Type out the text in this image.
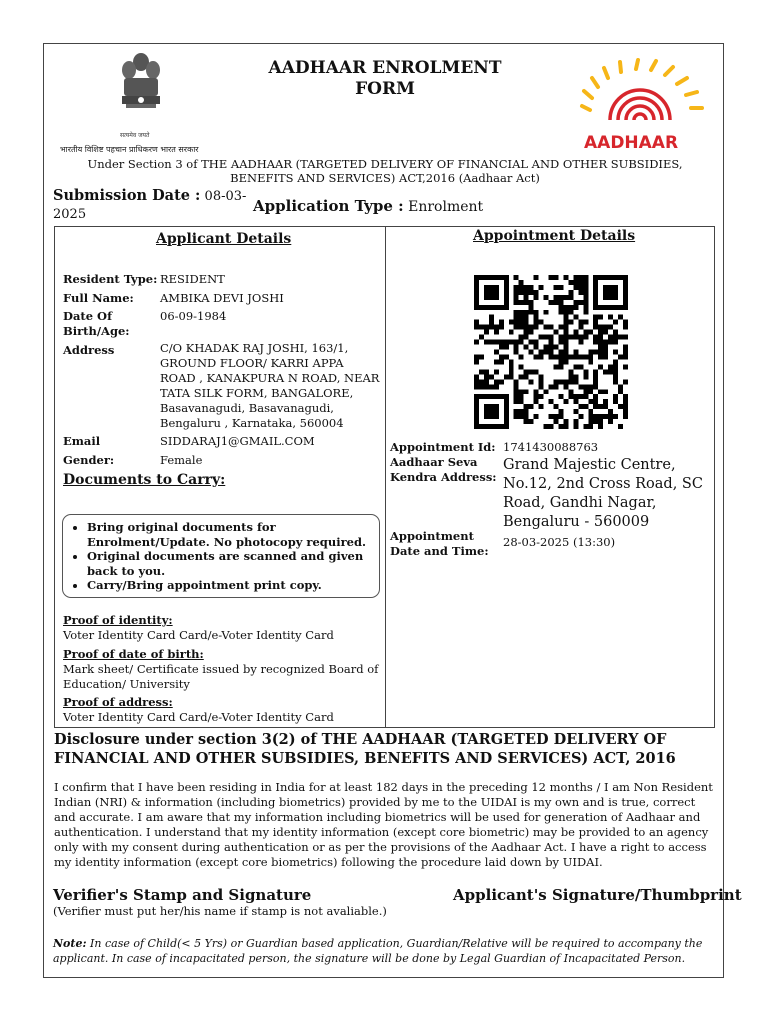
सत्यमेव जयते
भारतीय विशिष्ट पहचान प्राधिकरण भारत सरकार
AADHAAR ENROLMENT
FORM
AADHAAR
Under Section 3 of THE AADHAAR (TARGETED DELIVERY OF FINANCIAL AND OTHER SUBSIDIES, BENEFITS AND SERVICES) ACT,2016 (Aadhaar Act)
Submission Date : 08-03-2025	Application Type : Enrolment
Applicant Details
Resident Type: RESIDENT
Full Name: AMBIKA DEVI JOSHI
Date Of Birth/Age:
06-09-1984
Address	C/O KHADAK RAJ JOSHI, 163/1, GROUND FLOOR/ KARRI APPA ROAD , KANAKPURA N ROAD, NEAR TATA SILK FORM, BANGALORE, Basavanagudi, Basavanagudi, Bengaluru , Karnataka, 560004
Email	SIDDARAJ1@GMAIL.COM
Gender:	Female
Documents to Carry:
• Bring original documents for Enrolment/Update. No photocopy required.
• Original documents are scanned and given back to you.
• Carry/Bring appointment print copy.
Proof of identity:
Voter Identity Card Card/e-Voter Identity Card
Proof of date of birth:
Mark sheet/ Certificate issued by recognized Board of Education/ University
Proof of address:
Voter Identity Card Card/e-Voter Identity Card
Appointment Details
Appointment Id: 1741430088763
Aadhaar Seva Kendra Address:
Grand Majestic Centre, No.12, 2nd Cross Road, SC Road, Gandhi Nagar, Bengaluru - 560009
Appointment Date and Time:
28-03-2025 (13:30)
Disclosure under section 3(2) of THE AADHAAR (TARGETED DELIVERY OF FINANCIAL AND OTHER SUBSIDIES, BENEFITS AND SERVICES) ACT, 2016
I confirm that I have been residing in India for at least 182 days in the preceding 12 months / I am Non Resident Indian (NRI) & information (including biometrics) provided by me to the UIDAI is my own and is true, correct and accurate. I am aware that my information including biometrics will be used for generation of Aadhaar and authentication. I understand that my identity information (except core biometric) may be provided to an agency only with my consent during authentication or as per the provisions of the Aadhaar Act. I have a right to access my identity information (except core biometrics) following the procedure laid down by UIDAI.
Verifier's Stamp and Signature
(Verifier must put her/his name if stamp is not avaliable.)
Applicant's Signature/Thumbprint
Note: In case of Child(< 5 Yrs) or Guardian based application, Guardian/Relative will be required to accompany the applicant. In case of incapacitated person, the signature will be done by Legal Guardian of Incapacitated Person.
